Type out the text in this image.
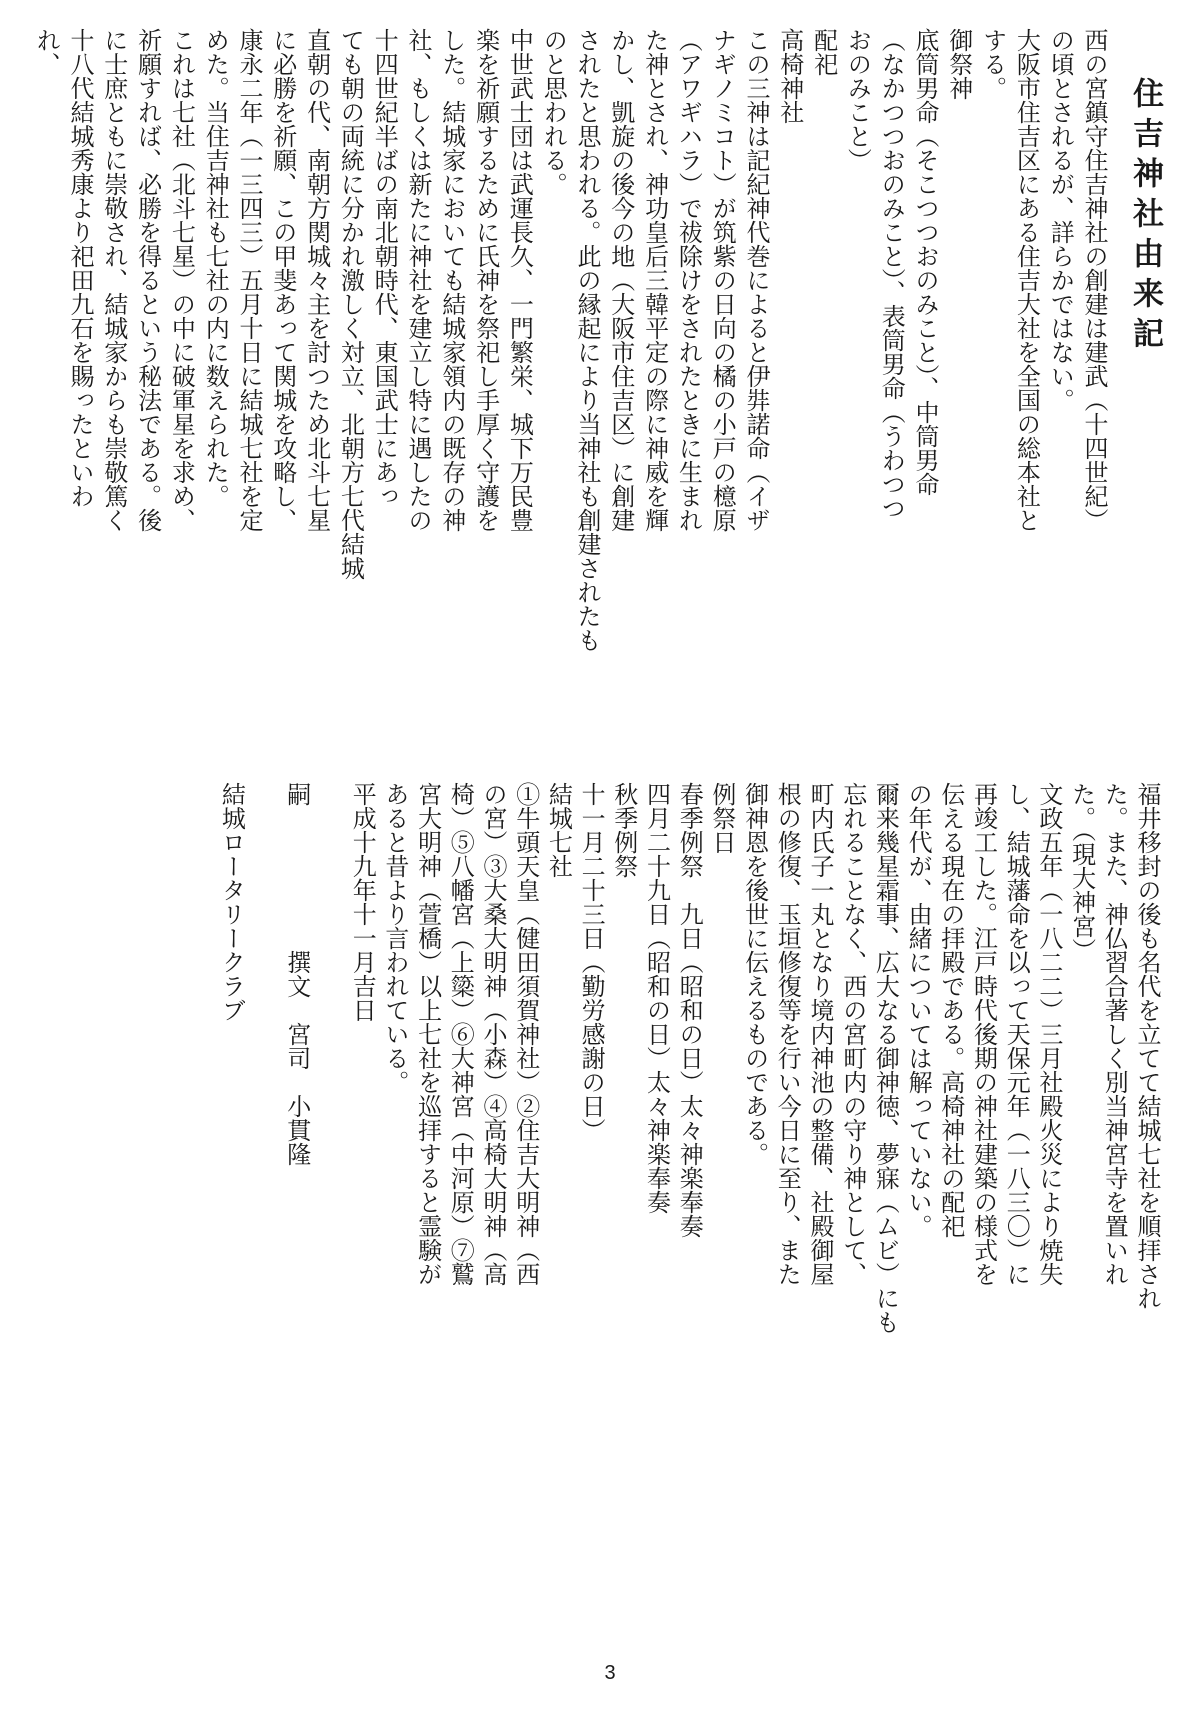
住吉神社由来記
西の宮鎮守住吉神社の創建は建武（十四世紀）
の頃とされるが、詳らかではない。
大阪市住吉区にある住吉大社を全国の総本社と
する。
御祭神
底筒男命（そこつつおのみこと）、中筒男命
（なかつつおのみこと）、表筒男命（うわつつ
おのみこと）
配祀
高椅神社
この三神は記紀神代巻によると伊弉諾命（イザ
ナギノミコト）が筑紫の日向の橘の小戸の檍原
（アワギハラ）で祓除けをされたときに生まれ
た神とされ、神功皇后三韓平定の際に神威を輝
かし、凱旋の後今の地（大阪市住吉区）に創建
されたと思われる。此の縁起により当神社も創建されたも
のと思われる。
中世武士団は武運長久、一門繁栄、城下万民豊
楽を祈願するために氏神を祭祀し手厚く守護を
した。結城家においても結城家領内の既存の神
社、もしくは新たに神社を建立し特に遇したの
十四世紀半ばの南北朝時代、東国武士にあっ
ても朝の両統に分かれ激しく対立、北朝方七代結城
直朝の代、南朝方関城々主を討つため北斗七星
に必勝を祈願、この甲斐あって関城を攻略し、
康永二年（一三四三）五月十日に結城七社を定
めた。当住吉神社も七社の内に数えられた。
これは七社（北斗七星）の中に破軍星を求め、
祈願すれば、必勝を得るという秘法である。後
に士庶ともに崇敬され、結城家からも崇敬篤く
十八代結城秀康より祀田九石を賜ったといわ
れ、
福井移封の後も名代を立てて結城七社を順拝され
た。また、神仏習合著しく別当神宮寺を置いれ
た。（現大神宮）
文政五年（一八二二）三月社殿火災により焼失
し、結城藩命を以って天保元年（一八三〇）に
再竣工した。江戸時代後期の神社建築の様式を
伝える現在の拝殿である。高椅神社の配祀
の年代が、由緒については解っていない。
爾来幾星霜事、広大なる御神徳、夢寐（ムビ）にも
忘れることなく、西の宮町内の守り神として、
町内氏子一丸となり境内神池の整備、社殿御屋
根の修復、玉垣修復等を行い今日に至り、また
御神恩を後世に伝えるものである。
例祭日
春季例祭　九日（昭和の日）太々神楽奉奏
四月二十九日（昭和の日）太々神楽奉奏
秋季例祭
十一月二十三日（勤労感謝の日）
結城七社
①牛頭天皇（健田須賀神社）②住吉大明神（西
の宮）③大桑大明神（小森）④高椅大明神（高
椅）⑤八幡宮（上簗）⑥大神宮（中河原）⑦鷲
宮大明神（萱橋）以上七社を巡拝すると霊験が
あると昔より言われている。
平成十九年十一月吉日
嗣　　　　　　撰文　宮司　小貫隆
結城ロータリークラブ
3
